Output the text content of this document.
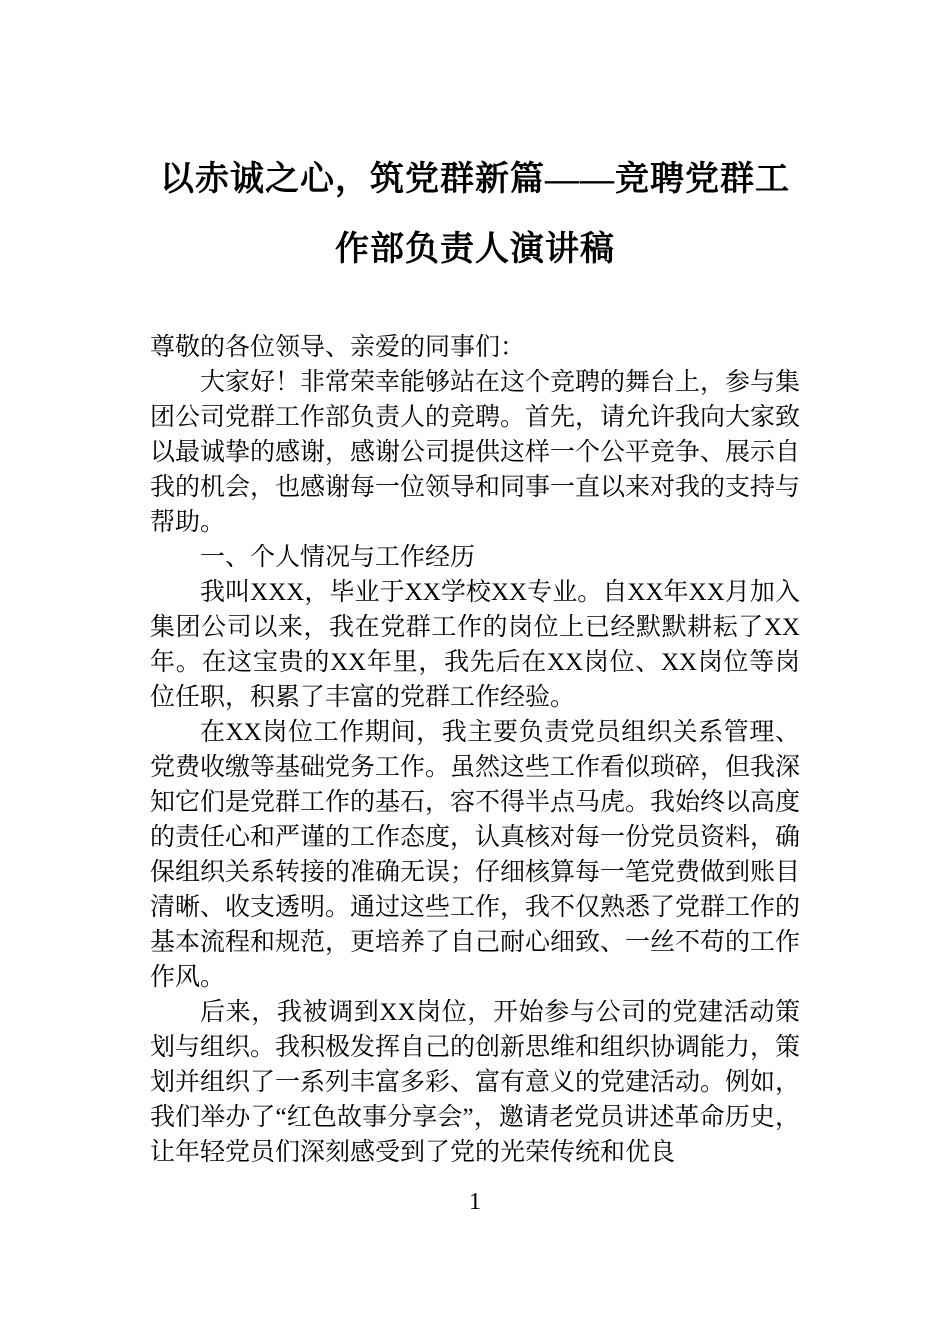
以赤诚之心，筑党群新篇——竞聘党群工作部负责人演讲稿

尊敬的各位领导、亲爱的同事们：

大家好！非常荣幸能够站在这个竞聘的舞台上，参与集团公司党群工作部负责人的竞聘。首先，请允许我向大家致以最诚挚的感谢，感谢公司提供这样一个公平竞争、展示自我的机会，也感谢每一位领导和同事一直以来对我的支持与帮助。

一、个人情况与工作经历

我叫XXX，毕业于XX学校XX专业。自XX年XX月加入集团公司以来，我在党群工作的岗位上已经默默耕耘了XX年。在这宝贵的XX年里，我先后在XX岗位、XX岗位等岗位任职，积累了丰富的党群工作经验。

在XX岗位工作期间，我主要负责党员组织关系管理、党费收缴等基础党务工作。虽然这些工作看似琐碎，但我深知它们是党群工作的基石，容不得半点马虎。我始终以高度的责任心和严谨的工作态度，认真核对每一份党员资料，确保组织关系转接的准确无误；仔细核算每一笔党费做到账目清晰、收支透明。通过这些工作，我不仅熟悉了党群工作的基本流程和规范，更培养了自己耐心细致、一丝不苟的工作作风。

后来，我被调到XX岗位，开始参与公司的党建活动策划与组织。我积极发挥自己的创新思维和组织协调能力，策划并组织了一系列丰富多彩、富有意义的党建活动。例如，我们举办了“红色故事分享会”，邀请老党员讲述革命历史，让年轻党员们深刻感受到了党的光荣传统和优良

1
